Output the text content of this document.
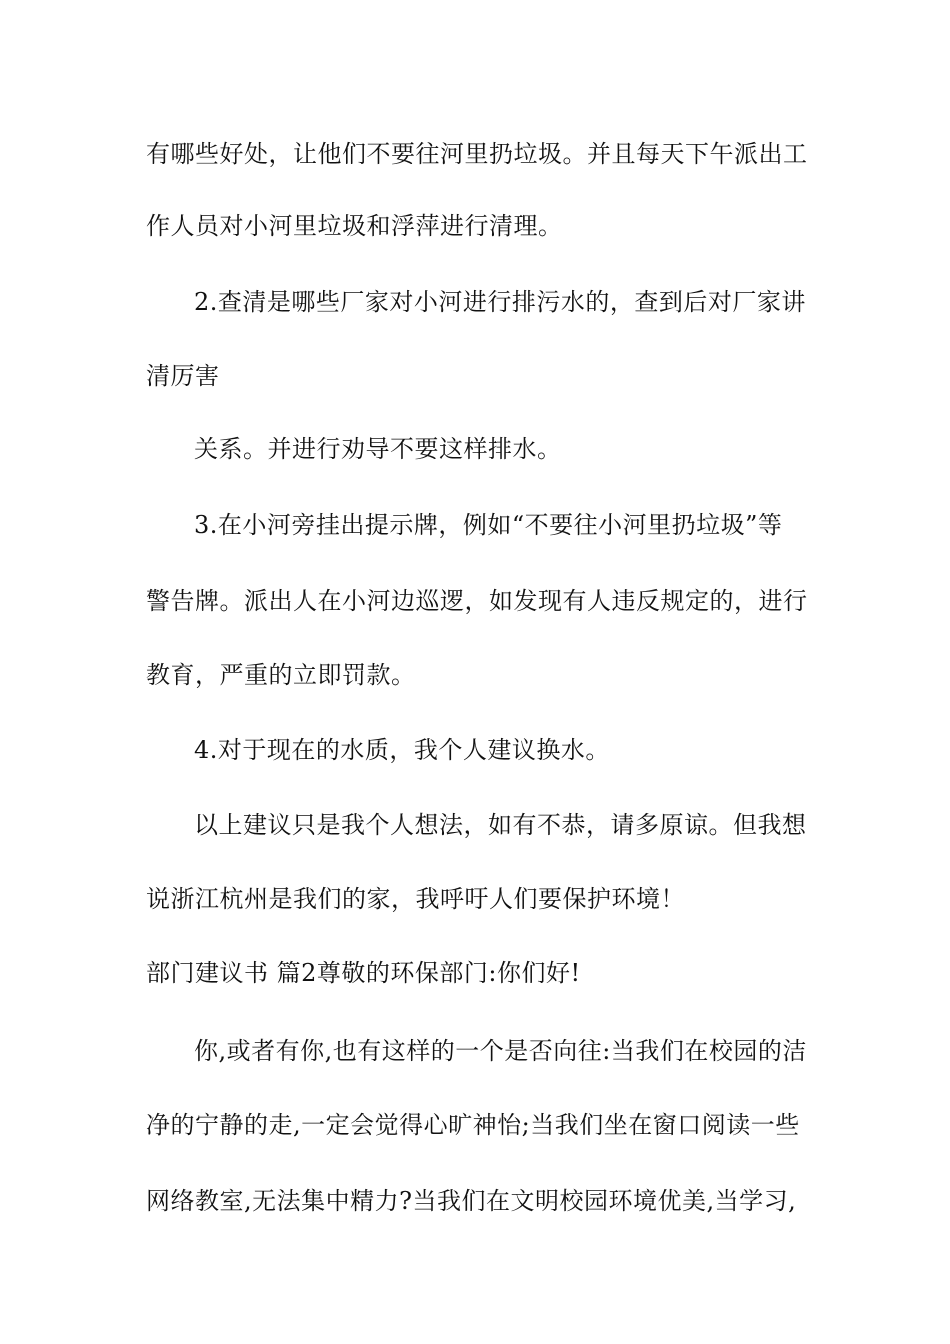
有哪些好处，让他们不要往河里扔垃圾。并且每天下午派出工
作人员对小河里垃圾和浮萍进行清理。
2.查清是哪些厂家对小河进行排污水的，查到后对厂家讲
清厉害
关系。并进行劝导不要这样排水。
3.在小河旁挂出提示牌，例如“不要往小河里扔垃圾”等
警告牌。派出人在小河边巡逻，如发现有人违反规定的，进行
教育，严重的立即罚款。
4.对于现在的水质，我个人建议换水。
以上建议只是我个人想法，如有不恭，请多原谅。但我想
说浙江杭州是我们的家，我呼吁人们要保护环境！
部门建议书 篇2尊敬的环保部门:你们好!
你,或者有你,也有这样的一个是否向往:当我们在校园的洁
净的宁静的走,一定会觉得心旷神怡;当我们坐在窗口阅读一些
网络教室,无法集中精力?当我们在文明校园环境优美,当学习,
